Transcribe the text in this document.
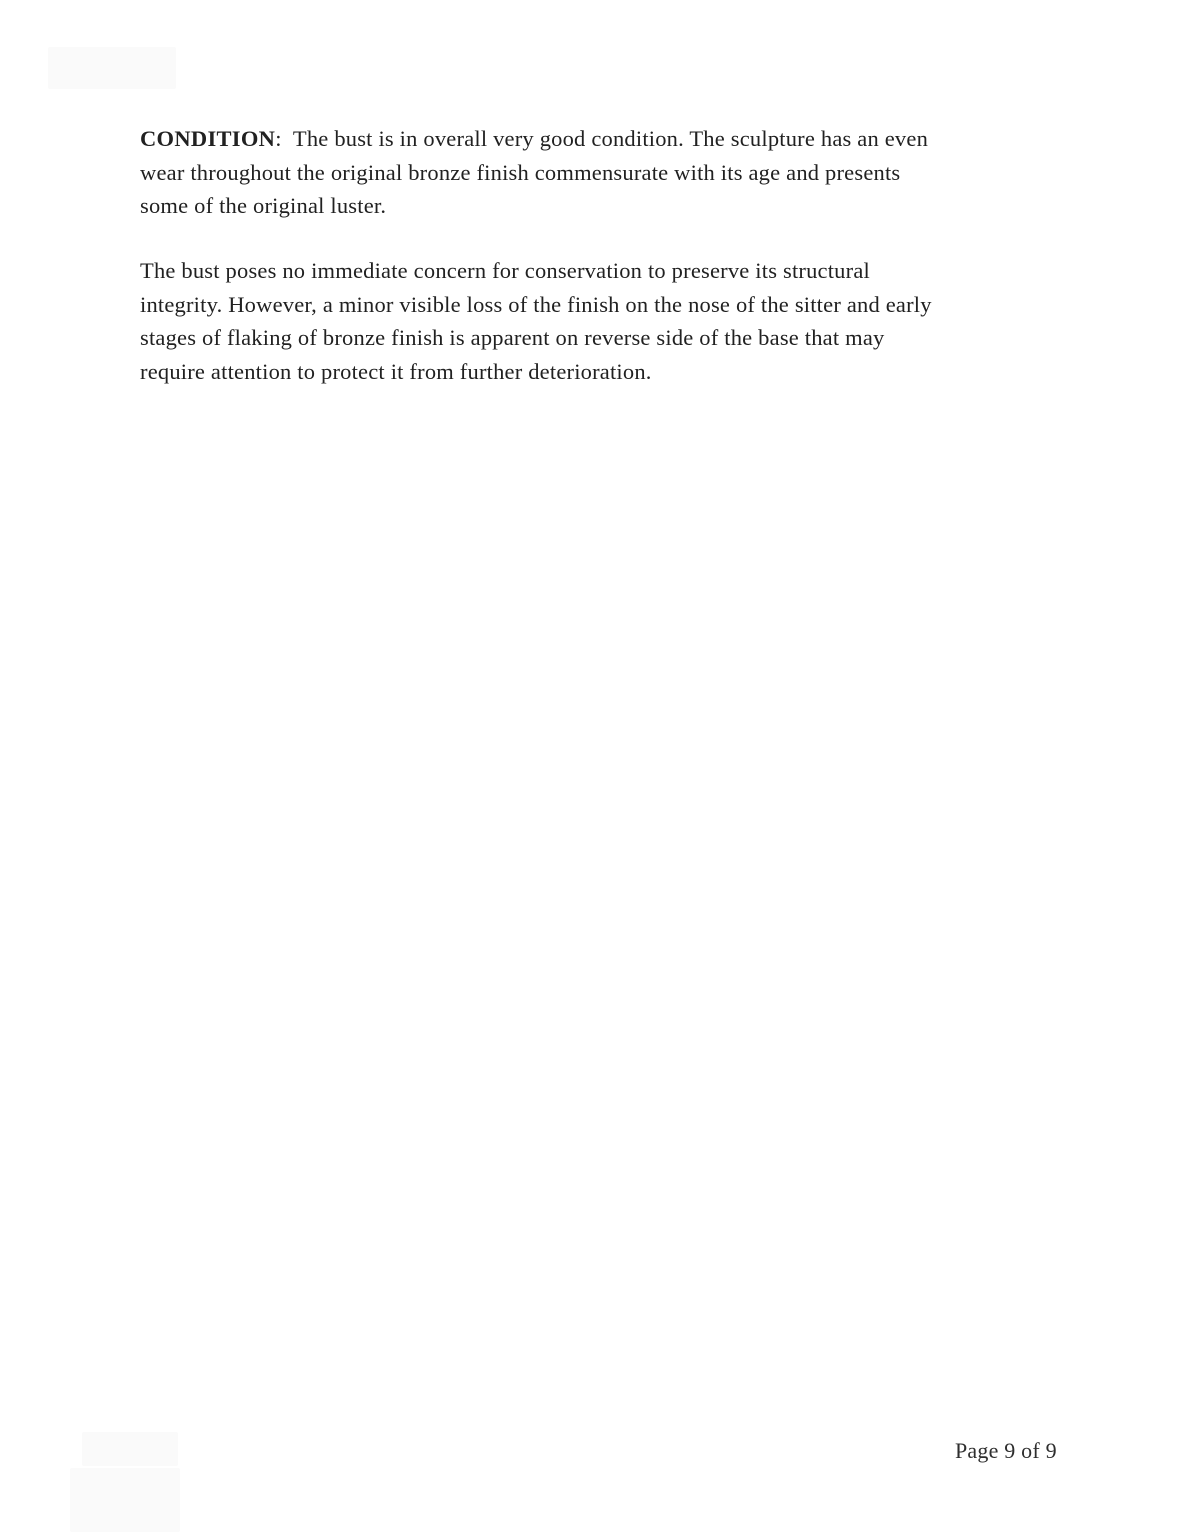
CONDITION:  The bust is in overall very good condition. The sculpture has an even
wear throughout the original bronze finish commensurate with its age and presents
some of the original luster.
The bust poses no immediate concern for conservation to preserve its structural
integrity. However, a minor visible loss of the finish on the nose of the sitter and early
stages of flaking of bronze finish is apparent on reverse side of the base that may
require attention to protect it from further deterioration.
Page 9 of 9
